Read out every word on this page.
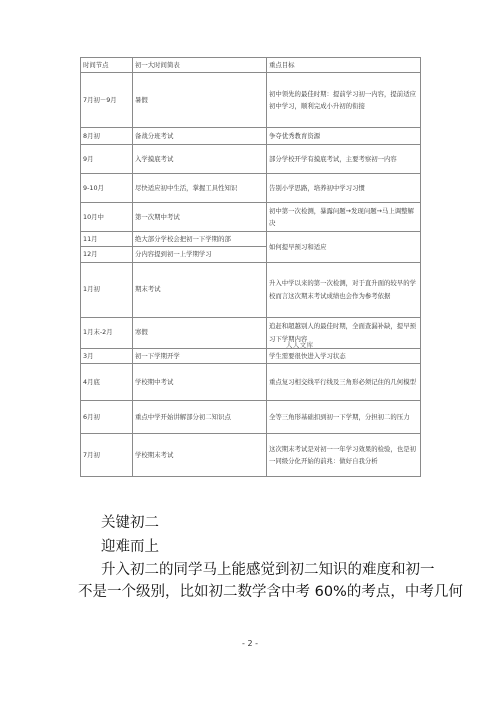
时间节点	初一大时间简表	重点目标
7月初－9月	暑假	初中领先的最佳时期：提前学习初一内容，提前适应初中学习，顺利完成小升初的衔接
8月初	备战分班考试	争夺优秀教育资源
9月	入学摸底考试	部分学校开学有摸底考试，主要考察初一内容
9-10月	尽快适应初中生活，掌握工具性知识	告别小学思路，培养初中学习习惯
10月中	第一次期中考试	初中第一次检测，暴露问题→发现问题→马上调整解决
11月	绝大部分学校会把初一下学期的部	如何提早预习和适应
12月	分内容提到初一上学期学习	
1月初	期末考试	升入中学以来的第一次检测，对于直升面的较早的学校而言这次期末考试成绩也会作为参考依据
1月末-2月	寒假	追赶和超越别人的最佳时期，全面查漏补缺，提早预习下学期内容
3月	初一下学期开学	学生需要很快进入学习状态
4月底	学校期中考试	重点复习相交线平行线及三角形必须记住的几何模型
6月初	重点中学开始讲解部分初二知识点	全等三角形基础扣到初一下学期，分担初二的压力
7月初	学校期末考试	这次期末考试是对初一一年学习效果的检验，也是初一同级分化开始的前兆：做好自我分析
人人文库
关键初二
迎难而上
升入初二的同学马上能感觉到初二知识的难度和初一
不是一个级别，比如初二数学含中考 60%的考点，中考几何
- 2 -
